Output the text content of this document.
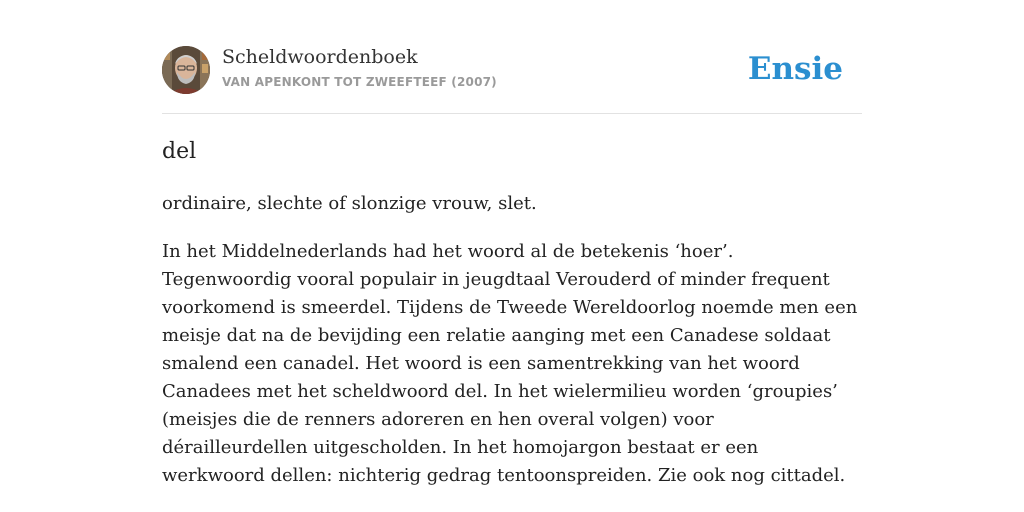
Scheldwoordenboek
VAN APENKONT TOT ZWEEFTEEF (2007)	Ensie
del
ordinaire, slechte of slonzige vrouw, slet.

In het Middelnederlands had het woord al de betekenis ‘hoer’. Tegenwoordig vooral populair in jeugdtaal Verouderd of minder frequent voorkomend is smeerdel. Tijdens de Tweede Wereldoorlog noemde men een meisje dat na de bevijding een relatie aanging met een Canadese soldaat smalend een canadel. Het woord is een samentrekking van het woord Canadees met het scheldwoord del. In het wielermilieu worden ‘groupies’ (meisjes die de renners adoreren en hen overal volgen) voor dérailleurdellen uitgescholden. In het homojargon bestaat er een werkwoord dellen: nichterig gedrag tentoonspreiden. Zie ook nog cittadel.
